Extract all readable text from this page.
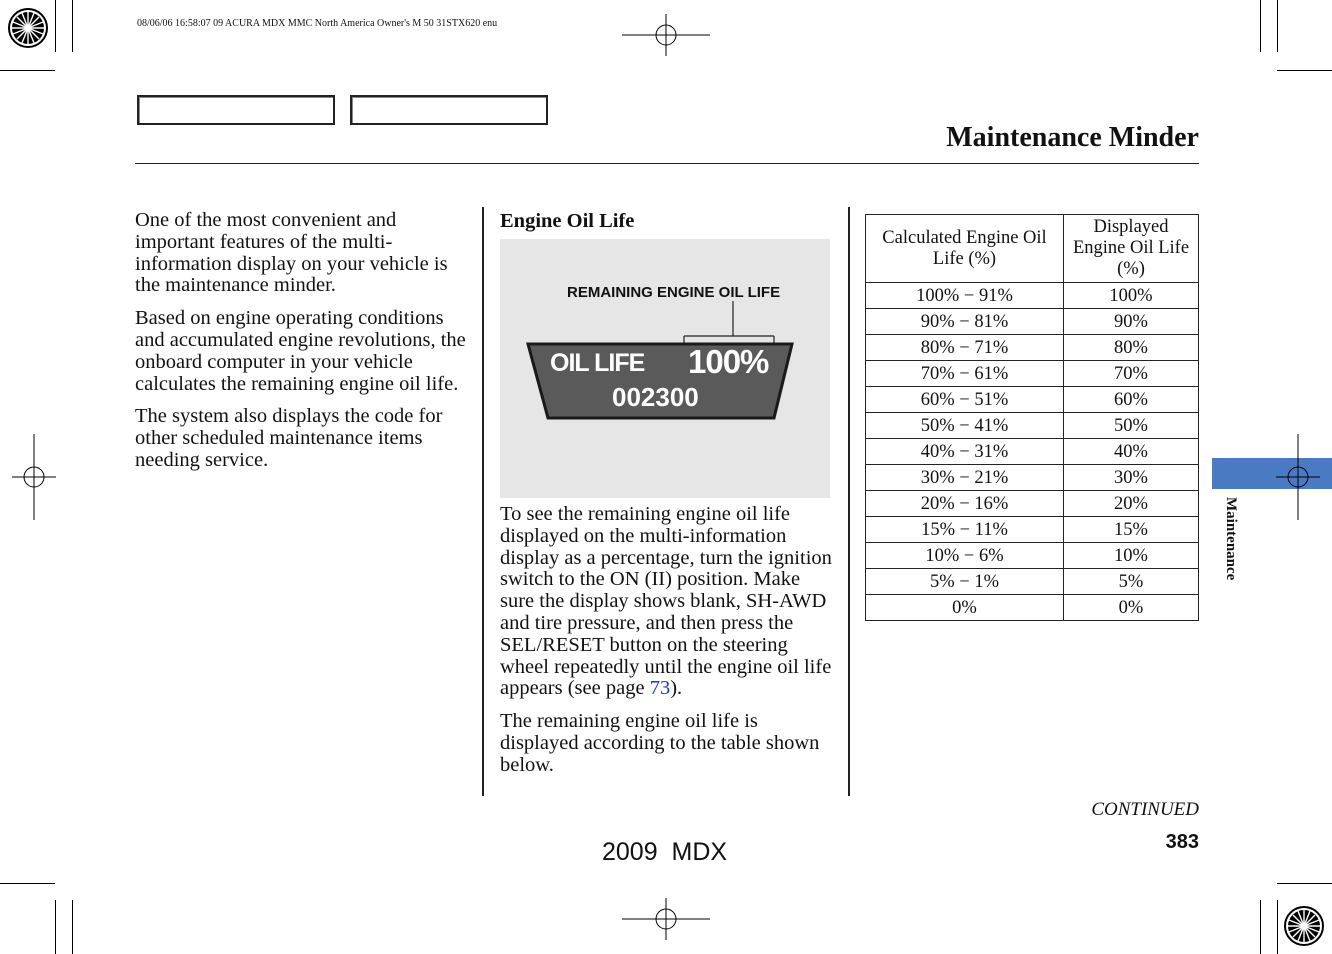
08/06/06 16:58:07 09 ACURA MDX MMC North America Owner's M 50 31STX620 enu
Maintenance Minder

One of the most convenient and important features of the multi-information display on your vehicle is the maintenance minder.

Based on engine operating conditions and accumulated engine revolutions, the onboard computer in your vehicle calculates the remaining engine oil life.

The system also displays the code for other scheduled maintenance items needing service.

Engine Oil Life
REMAINING ENGINE OIL LIFE
OIL LIFE 100%
002300

To see the remaining engine oil life displayed on the multi-information display as a percentage, turn the ignition switch to the ON (II) position. Make sure the display shows blank, SH-AWD and tire pressure, and then press the SEL/RESET button on the steering wheel repeatedly until the engine oil life appears (see page 73).

The remaining engine oil life is displayed according to the table shown below.

Calculated Engine Oil Life (%)	Displayed Engine Oil Life (%)
100% − 91%	100%
90% − 81%	90%
80% − 71%	80%
70% − 61%	70%
60% − 51%	60%
50% − 41%	50%
40% − 31%	40%
30% − 21%	30%
20% − 16%	20%
15% − 11%	15%
10% − 6%	10%
5% − 1%	5%
0%	0%
Maintenance
CONTINUED
383
2009  MDX
